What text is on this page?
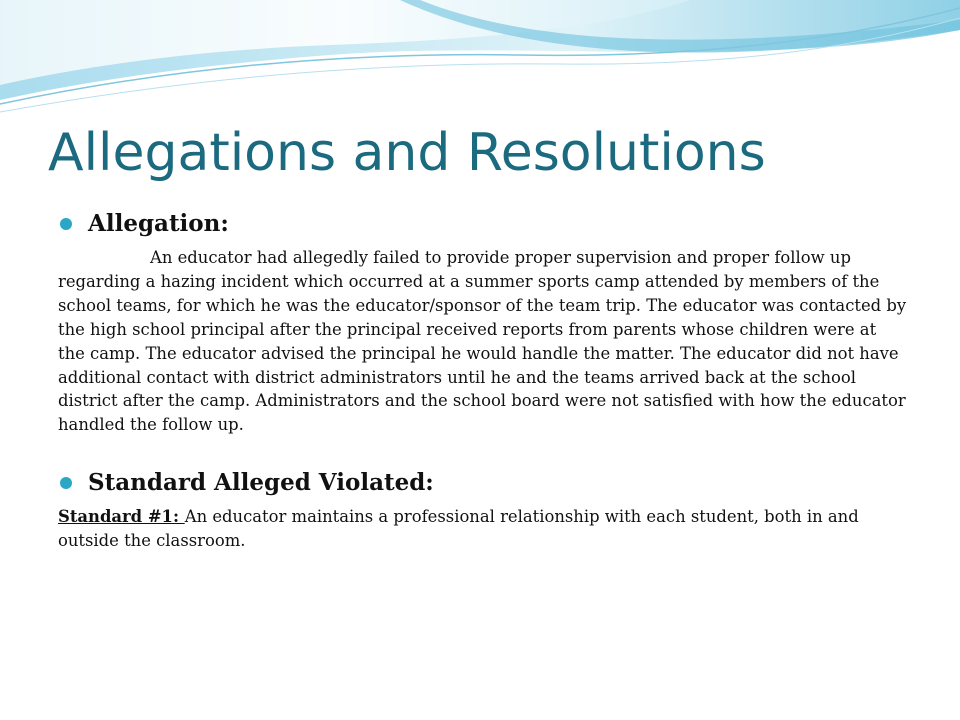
Allegations and Resolutions

Allegation:

An educator had allegedly failed to provide proper supervision and proper follow up regarding a hazing incident which occurred at a summer sports camp attended by members of the school teams, for which he was the educator/sponsor of the team trip. The educator was contacted by the high school principal after the principal received reports from parents whose children were at the camp. The educator advised the principal he would handle the matter. The educator did not have additional contact with district administrators until he and the teams arrived back at the school district after the camp. Administrators and the school board were not satisfied with how the educator handled the follow up.

Standard Alleged Violated:

Standard #1: An educator maintains a professional relationship with each student, both in and outside the classroom.
